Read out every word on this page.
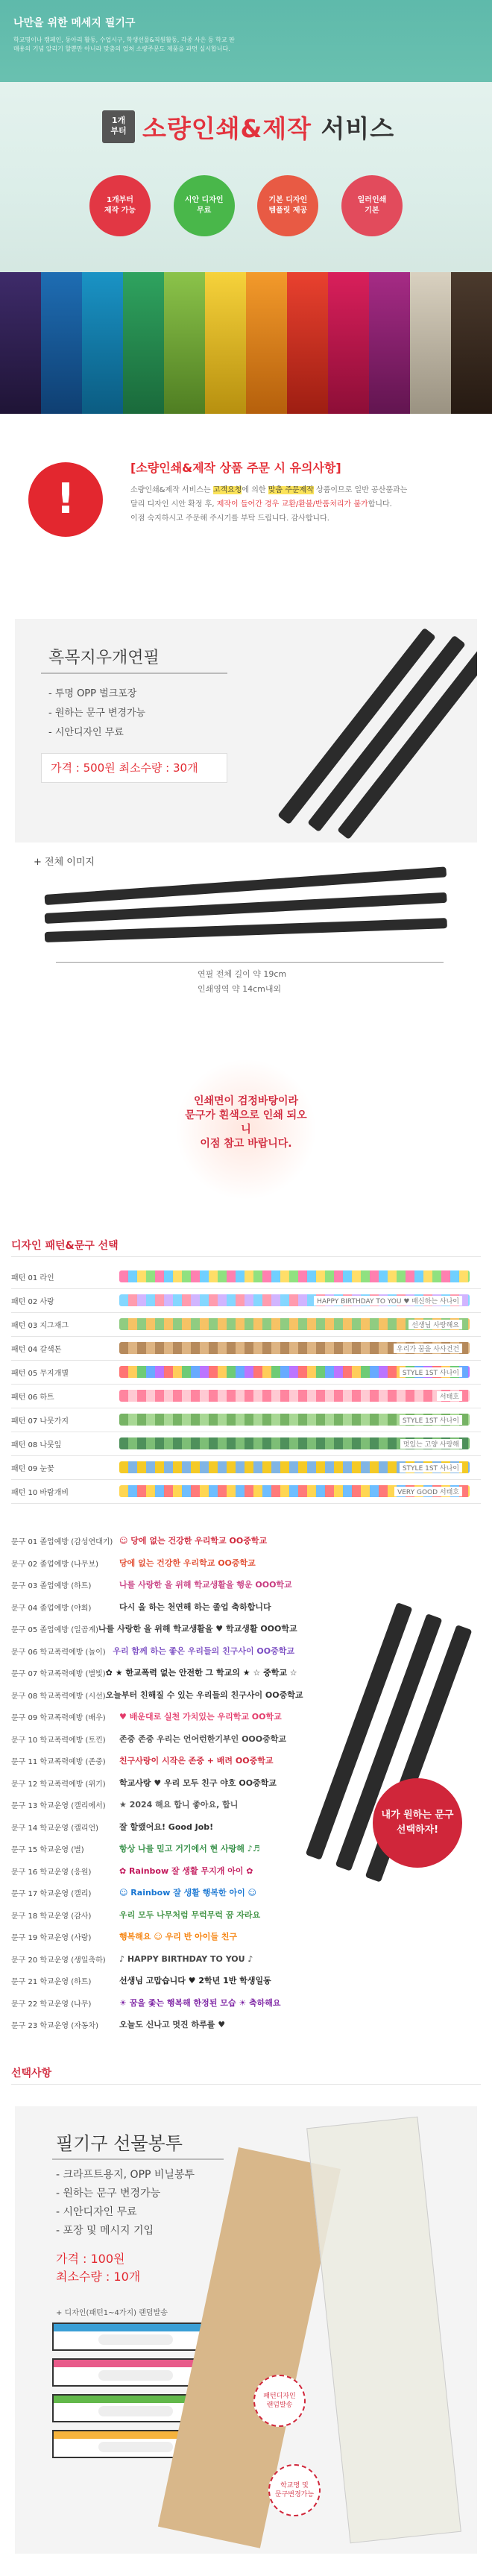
나만을 위한 메세지 필기구
학교명이나 캠페인, 동아리 활동, 수업시구, 학생선물&직원활동, 각종 사은 등 학교 판매용의 기념 알리기 할뿐만 아니라 맞춤의 업쳐 소량주문도 제품을 파먼 실시합니다.
1개
부터 소량인쇄&제작 서비스
1개부터
제작 가능
시안 디자인
무료
기본 디자인
템플릿 제공
일러인쇄
기본
!
[소량인쇄&제작 상품 주문 시 유의사항]
소량인쇄&제작 서비스는 고객요청에 의한 맞춤 주문제작 상품이므로 일반 공산품과는
달리 디자인 시안 확정 후, 제작이 들어간 경우 교환/환불/반품처리가 불가합니다.
이점 숙지하시고 주문해 주시기를 부탁 드립니다. 감사합니다.
흑목지우개연필
- 투명 OPP 벌크포장
- 원하는 문구 변경가능
- 시안디자인 무료
가격 : 500원 최소수량 : 30개
+ 전체 이미지
연필 전체 길이 약 19cm
인쇄영역 약 14cm내외
인쇄면이 검정바탕이라
문구가 흰색으로 인쇄 되오니
이점 참고 바랍니다.
디자인 패턴&문구 선택
패턴 01 라인
패턴 02 사랑	HAPPY BIRTHDAY TO YOU ♥ 배신하는 사나이
패턴 03 지그재그	선생님 사랑해요
패턴 04 갈색톤	우리가 꿈을 사사건건
패턴 05 무지개별	STYLE 1ST 사나이
패턴 06 하트	서태호
패턴 07 나뭇가지	STYLE 1ST 사나이
패턴 08 나뭇잎	멋있는 고양 사랑해
패턴 09 눈꽃	STYLE 1ST 사나이
패턴 10 바람개비	VERY GOOD 서태호
문구 01 졸업예방 (감성연대기) ☺ 당에 없는 건강한 우리학교 OO중학교
문구 02 졸업예방 (나무보)	당에 없는 건강한 우리학교 OO중학교
문구 03 졸업예방 (하트)	나를 사랑한 을 위해 학교생활을 행운 OOO학교
문구 04 졸업예방 (야회)	다시 올 하는 천연해 하는 졸업 축하합니다
문구 05 졸업예방 (일곱계) 나를 사랑한 을 위해 학교생활을 ♥ 학교생활 OOO학교
문구 06 학교폭력예방 (놀이) 우리 함께 하는 좋은 우리들의 친구사이 OO중학교
문구 07 학교폭력예방 (별빛) ✿ ★ 한교폭력 없는 안전한 그 학교의 ★ ☆ 중학교 ☆
문구 08 학교폭력예방 (시선) 오늘부터 친해질 수 있는 우리들의 친구사이 OO중학교
문구 09 학교폭력예방 (배우)	♥ 배운대로 실천 가치있는 우리학교 OO학교
문구 10 학교폭력예방 (토낀)	존중 존중 우리는 언어런한기부인 OOO중학교
문구 11 학교폭력예방 (존중)	친구사랑이 시작은 존중 + 배려 OO중학교
문구 12 학교폭력예방 (위기)	학교사랑 ♥ 우리 모두 친구 야호 OO중학교
문구 13 학교운영 (캘리에서)	★ 2024 해요 합니 좋아요, 합니
문구 14 학교운영 (캘리언)	잘 할랬어요! Good Job!
문구 15 학교운영 (별)	항상 나를 믿고 거기에서 현 사랑해 ♪♬
문구 16 학교운영 (응원)	✿ Rainbow 잘 생활 무지개 아이 ✿
문구 17 학교운영 (캘리)	☺ Rainbow 잘 생활 행복한 아이 ☺
문구 18 학교운영 (감사)	우리 모두 나무처럼 무럭무럭 꿈 자라요
문구 19 학교운영 (사랑)	행복해요 ☺ 우리 반 아이들 친구
문구 20 학교운영 (생일축하)	♪ HAPPY BIRTHDAY TO YOU ♪
문구 21 학교운영 (하트)	선생님 고맙습니다 ♥ 2학년 1반 학생일동
문구 22 학교운영 (나무)	☀ 꿈을 좇는 행복해 한정된 모습 ☀ 축하해요
문구 23 학교운영 (자동차)	오늘도 신나고 멋진 하루를 ♥
내가 원하는 문구
선택하자!
선택사항
필기구 선물봉투
- 크라프트용지, OPP 비닐봉투
- 원하는 문구 변경가능
- 시안디자인 무료
- 포장 및 메시지 기입
가격 : 100원
최소수량 : 10개
+ 디자인(패턴1~4가지) 랜덤발송
패턴디자인
랜덤발송
학교명 및
문구변경가능
